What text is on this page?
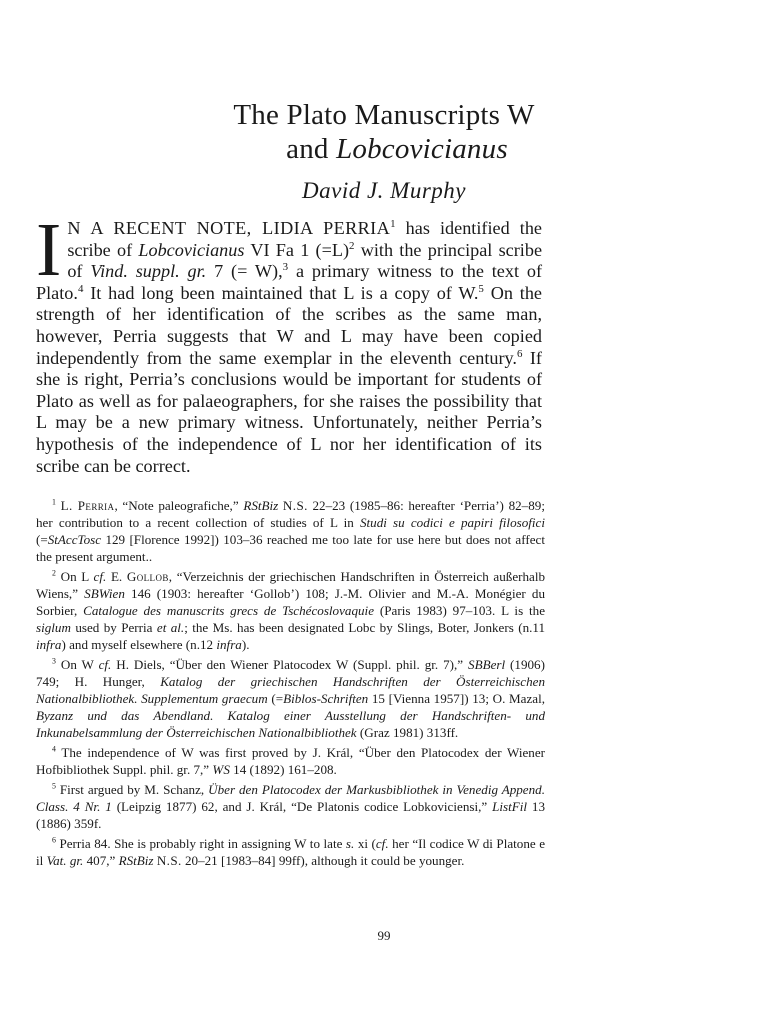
The Plato Manuscripts W
and Lobcovicianus
David J. Murphy
I N A RECENT NOTE, LIDIA PERRIA$^1$ has identified the scribe of Lobcovicianus VI Fa 1 (=L)$^2$ with the principal scribe of Vind. suppl. gr. 7 (= W),$^3$ a primary witness to the text of Plato.$^4$ It had long been maintained that L is a copy of W.$^5$ On the strength of her identification of the scribes as the same man, however, Perria suggests that W and L may have been copied independently from the same exemplar in the eleventh century.$^6$ If she is right, Perria’s conclusions would be important for students of Plato as well as for palaeographers, for she raises the possibility that L may be a new primary witness. Unfortunately, neither Perria’s hypothesis of the independence of L nor her identification of its scribe can be correct.

$^1$ L. Perria, “Note paleografiche,” RStBiz N.S. 22–23 (1985–86: hereafter ‘Perria’) 82–89; her contribution to a recent collection of studies of L in Studi su codici e papiri filosofici (=StAccTosc 129 [Florence 1992]) 103–36 reached me too late for use here but does not affect the present argument..

$^2$ On L cf. E. Gollob, “Verzeichnis der griechischen Handschriften in Österreich außerhalb Wiens,” SBWien 146 (1903: hereafter ‘Gollob’) 108; J.-M. Olivier and M.-A. Monégier du Sorbier, Catalogue des manuscrits grecs de Tschécoslovaquie (Paris 1983) 97–103. L is the siglum used by Perria et al.; the Ms. has been designated Lobc by Slings, Boter, Jonkers (n.11 infra) and myself elsewhere (n.12 infra).

$^3$ On W cf. H. Diels, “Über den Wiener Platocodex W (Suppl. phil. gr. 7),” SBBerl (1906) 749; H. Hunger, Katalog der griechischen Handschriften der Österreichischen Nationalbibliothek. Supplementum graecum (=Biblos-Schriften 15 [Vienna 1957]) 13; O. Mazal, Byzanz und das Abendland. Katalog einer Ausstellung der Handschriften- und Inkunabelsammlung der Österreichischen Nationalbibliothek (Graz 1981) 313ff.

$^4$ The independence of W was first proved by J. Král, “Über den Platocodex der Wiener Hofbibliothek Suppl. phil. gr. 7,” WS 14 (1892) 161–208.

$^5$ First argued by M. Schanz, Über den Platocodex der Markusbibliothek in Venedig Append. Class. 4 Nr. 1 (Leipzig 1877) 62, and J. Král, “De Platonis codice Lobkoviciensi,” ListFil 13 (1886) 359f.

$^6$ Perria 84. She is probably right in assigning W to late s. xi (cf. her “Il codice W di Platone e il Vat. gr. 407,” RStBiz N.S. 20–21 [1983–84] 99ff), although it could be younger.

99
